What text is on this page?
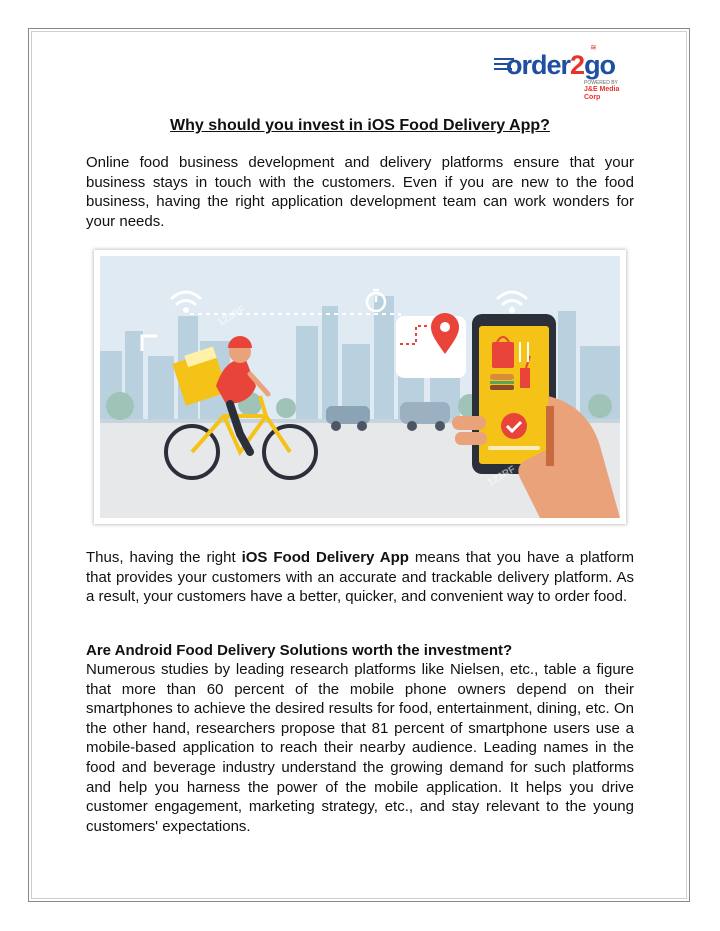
≋
order2go
POWERED BY
J&E Media Corp
Why should you invest in iOS Food Delivery App?

Online food business development and delivery platforms ensure that your business stays in touch with the customers. Even if you are new to the food business, having the right application development team can work wonders for your needs.

123RF
123RF

Thus, having the right iOS Food Delivery App means that you have a platform that provides your customers with an accurate and trackable delivery platform. As a result, your customers have a better, quicker, and convenient way to order food.

Are Android Food Delivery Solutions worth the investment?

Numerous studies by leading research platforms like Nielsen, etc., table a figure that more than 60 percent of the mobile phone owners depend on their smartphones to achieve the desired results for food, entertainment, dining, etc. On the other hand, researchers propose that 81 percent of smartphone users use a mobile-based application to reach their nearby audience. Leading names in the food and beverage industry understand the growing demand for such platforms and help you harness the power of the mobile application. It helps you drive customer engagement, marketing strategy, etc., and stay relevant to the young customers' expectations.
